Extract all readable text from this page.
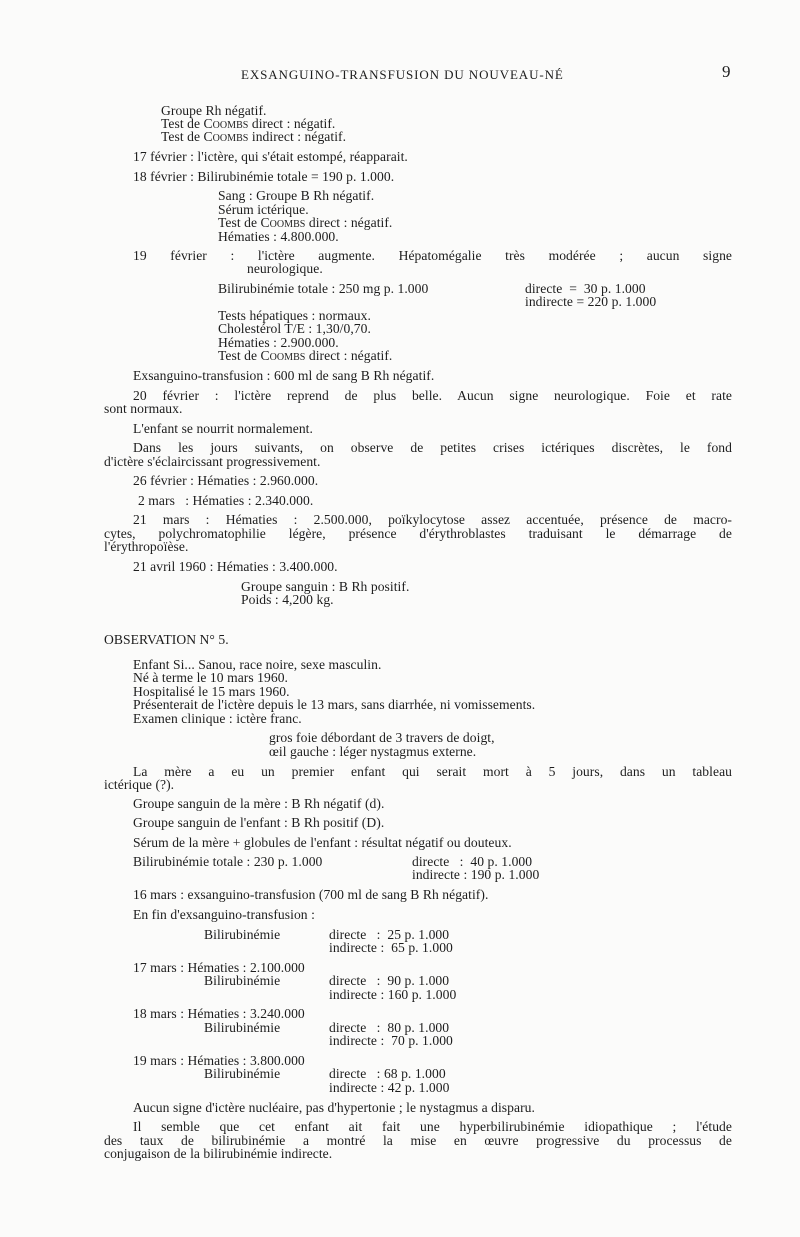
EXSANGUINO-TRANSFUSION DU NOUVEAU-NÉ	9
Groupe Rh négatif.
Test de Coombs direct : négatif.
Test de Coombs indirect : négatif.
17 février : l'ictère, qui s'était estompé, réapparait.
18 février : Bilirubinémie totale = 190 p. 1.000.
Sang : Groupe B Rh négatif.
Sérum ictérique.
Test de Coombs direct : négatif.
Hématies : 4.800.000.
19 février : l'ictère augmente. Hépatomégalie très modérée ; aucun signe
neurologique.
Bilirubinémie totale : 250 mg p. 1.000	directe  =  30 p. 1.000
indirecte = 220 p. 1.000
Tests hépatiques : normaux.
Cholestérol T/E : 1,30/0,70.
Hématies : 2.900.000.
Test de Coombs direct : négatif.
Exsanguino-transfusion : 600 ml de sang B Rh négatif.
20 février : l'ictère reprend de plus belle. Aucun signe neurologique. Foie et rate
sont normaux.
L'enfant se nourrit normalement.
Dans les jours suivants, on observe de petites crises ictériques discrètes, le fond
d'ictère s'éclaircissant progressivement.
26 février : Hématies : 2.960.000.
2 mars   : Hématies : 2.340.000.
21 mars : Hématies : 2.500.000, poïkylocytose assez accentuée, présence de macro-
cytes, polychromatophilie légère, présence d'érythroblastes traduisant le démarrage de
l'érythropoïèse.
21 avril 1960 : Hématies : 3.400.000.
Groupe sanguin : B Rh positif.
Poids : 4,200 kg.
OBSERVATION N° 5.
Enfant Si... Sanou, race noire, sexe masculin.
Né à terme le 10 mars 1960.
Hospitalisé le 15 mars 1960.
Présenterait de l'ictère depuis le 13 mars, sans diarrhée, ni vomissements.
Examen clinique : ictère franc.
gros foie débordant de 3 travers de doigt,
œil gauche : léger nystagmus externe.
La mère a eu un premier enfant qui serait mort à 5 jours, dans un tableau
ictérique (?).
Groupe sanguin de la mère : B Rh négatif (d).
Groupe sanguin de l'enfant : B Rh positif (D).
Sérum de la mère + globules de l'enfant : résultat négatif ou douteux.
Bilirubinémie totale : 230 p. 1.000	directe   :  40 p. 1.000
indirecte : 190 p. 1.000
16 mars : exsanguino-transfusion (700 ml de sang B Rh négatif).
En fin d'exsanguino-transfusion :
Bilirubinémie	directe   :  25 p. 1.000
indirecte :  65 p. 1.000
17 mars : Hématies : 2.100.000
Bilirubinémie	directe   :  90 p. 1.000
indirecte : 160 p. 1.000
18 mars : Hématies : 3.240.000
Bilirubinémie	directe   :  80 p. 1.000
indirecte :  70 p. 1.000
19 mars : Hématies : 3.800.000
Bilirubinémie	directe   : 68 p. 1.000
indirecte : 42 p. 1.000
Aucun signe d'ictère nucléaire, pas d'hypertonie ; le nystagmus a disparu.
Il semble que cet enfant ait fait une hyperbilirubinémie idiopathique ; l'étude
des taux de bilirubinémie a montré la mise en œuvre progressive du processus de
conjugaison de la bilirubinémie indirecte.
